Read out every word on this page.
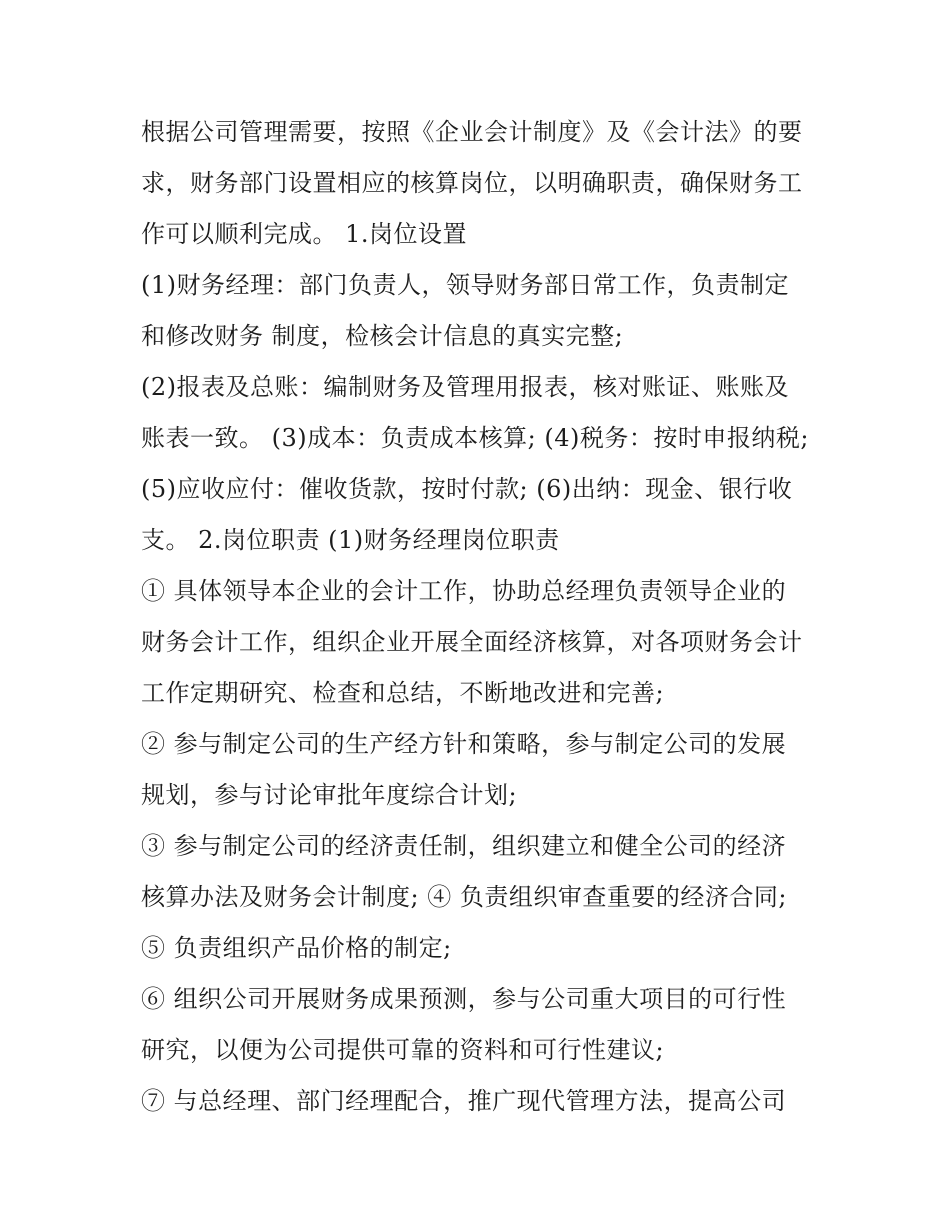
根据公司管理需要，按照《企业会计制度》及《会计法》的要
求，财务部门设置相应的核算岗位，以明确职责，确保财务工
作可以顺利完成。 1.岗位设置
(1)财务经理：部门负责人，领导财务部日常工作，负责制定
和修改财务 制度，检核会计信息的真实完整;
(2)报表及总账：编制财务及管理用报表，核对账证、账账及
账表一致。 (3)成本：负责成本核算; (4)税务：按时申报纳税;
(5)应收应付：催收货款，按时付款; (6)出纳：现金、银行收
支。 2.岗位职责 (1)财务经理岗位职责
① 具体领导本企业的会计工作，协助总经理负责领导企业的
财务会计工作，组织企业开展全面经济核算，对各项财务会计
工作定期研究、检查和总结，不断地改进和完善;
② 参与制定公司的生产经方针和策略，参与制定公司的发展
规划，参与讨论审批年度综合计划;
③ 参与制定公司的经济责任制，组织建立和健全公司的经济
核算办法及财务会计制度; ④ 负责组织审查重要的经济合同;
⑤ 负责组织产品价格的制定;
⑥ 组织公司开展财务成果预测，参与公司重大项目的可行性
研究，以便为公司提供可靠的资料和可行性建议;
⑦ 与总经理、部门经理配合，推广现代管理方法，提高公司
